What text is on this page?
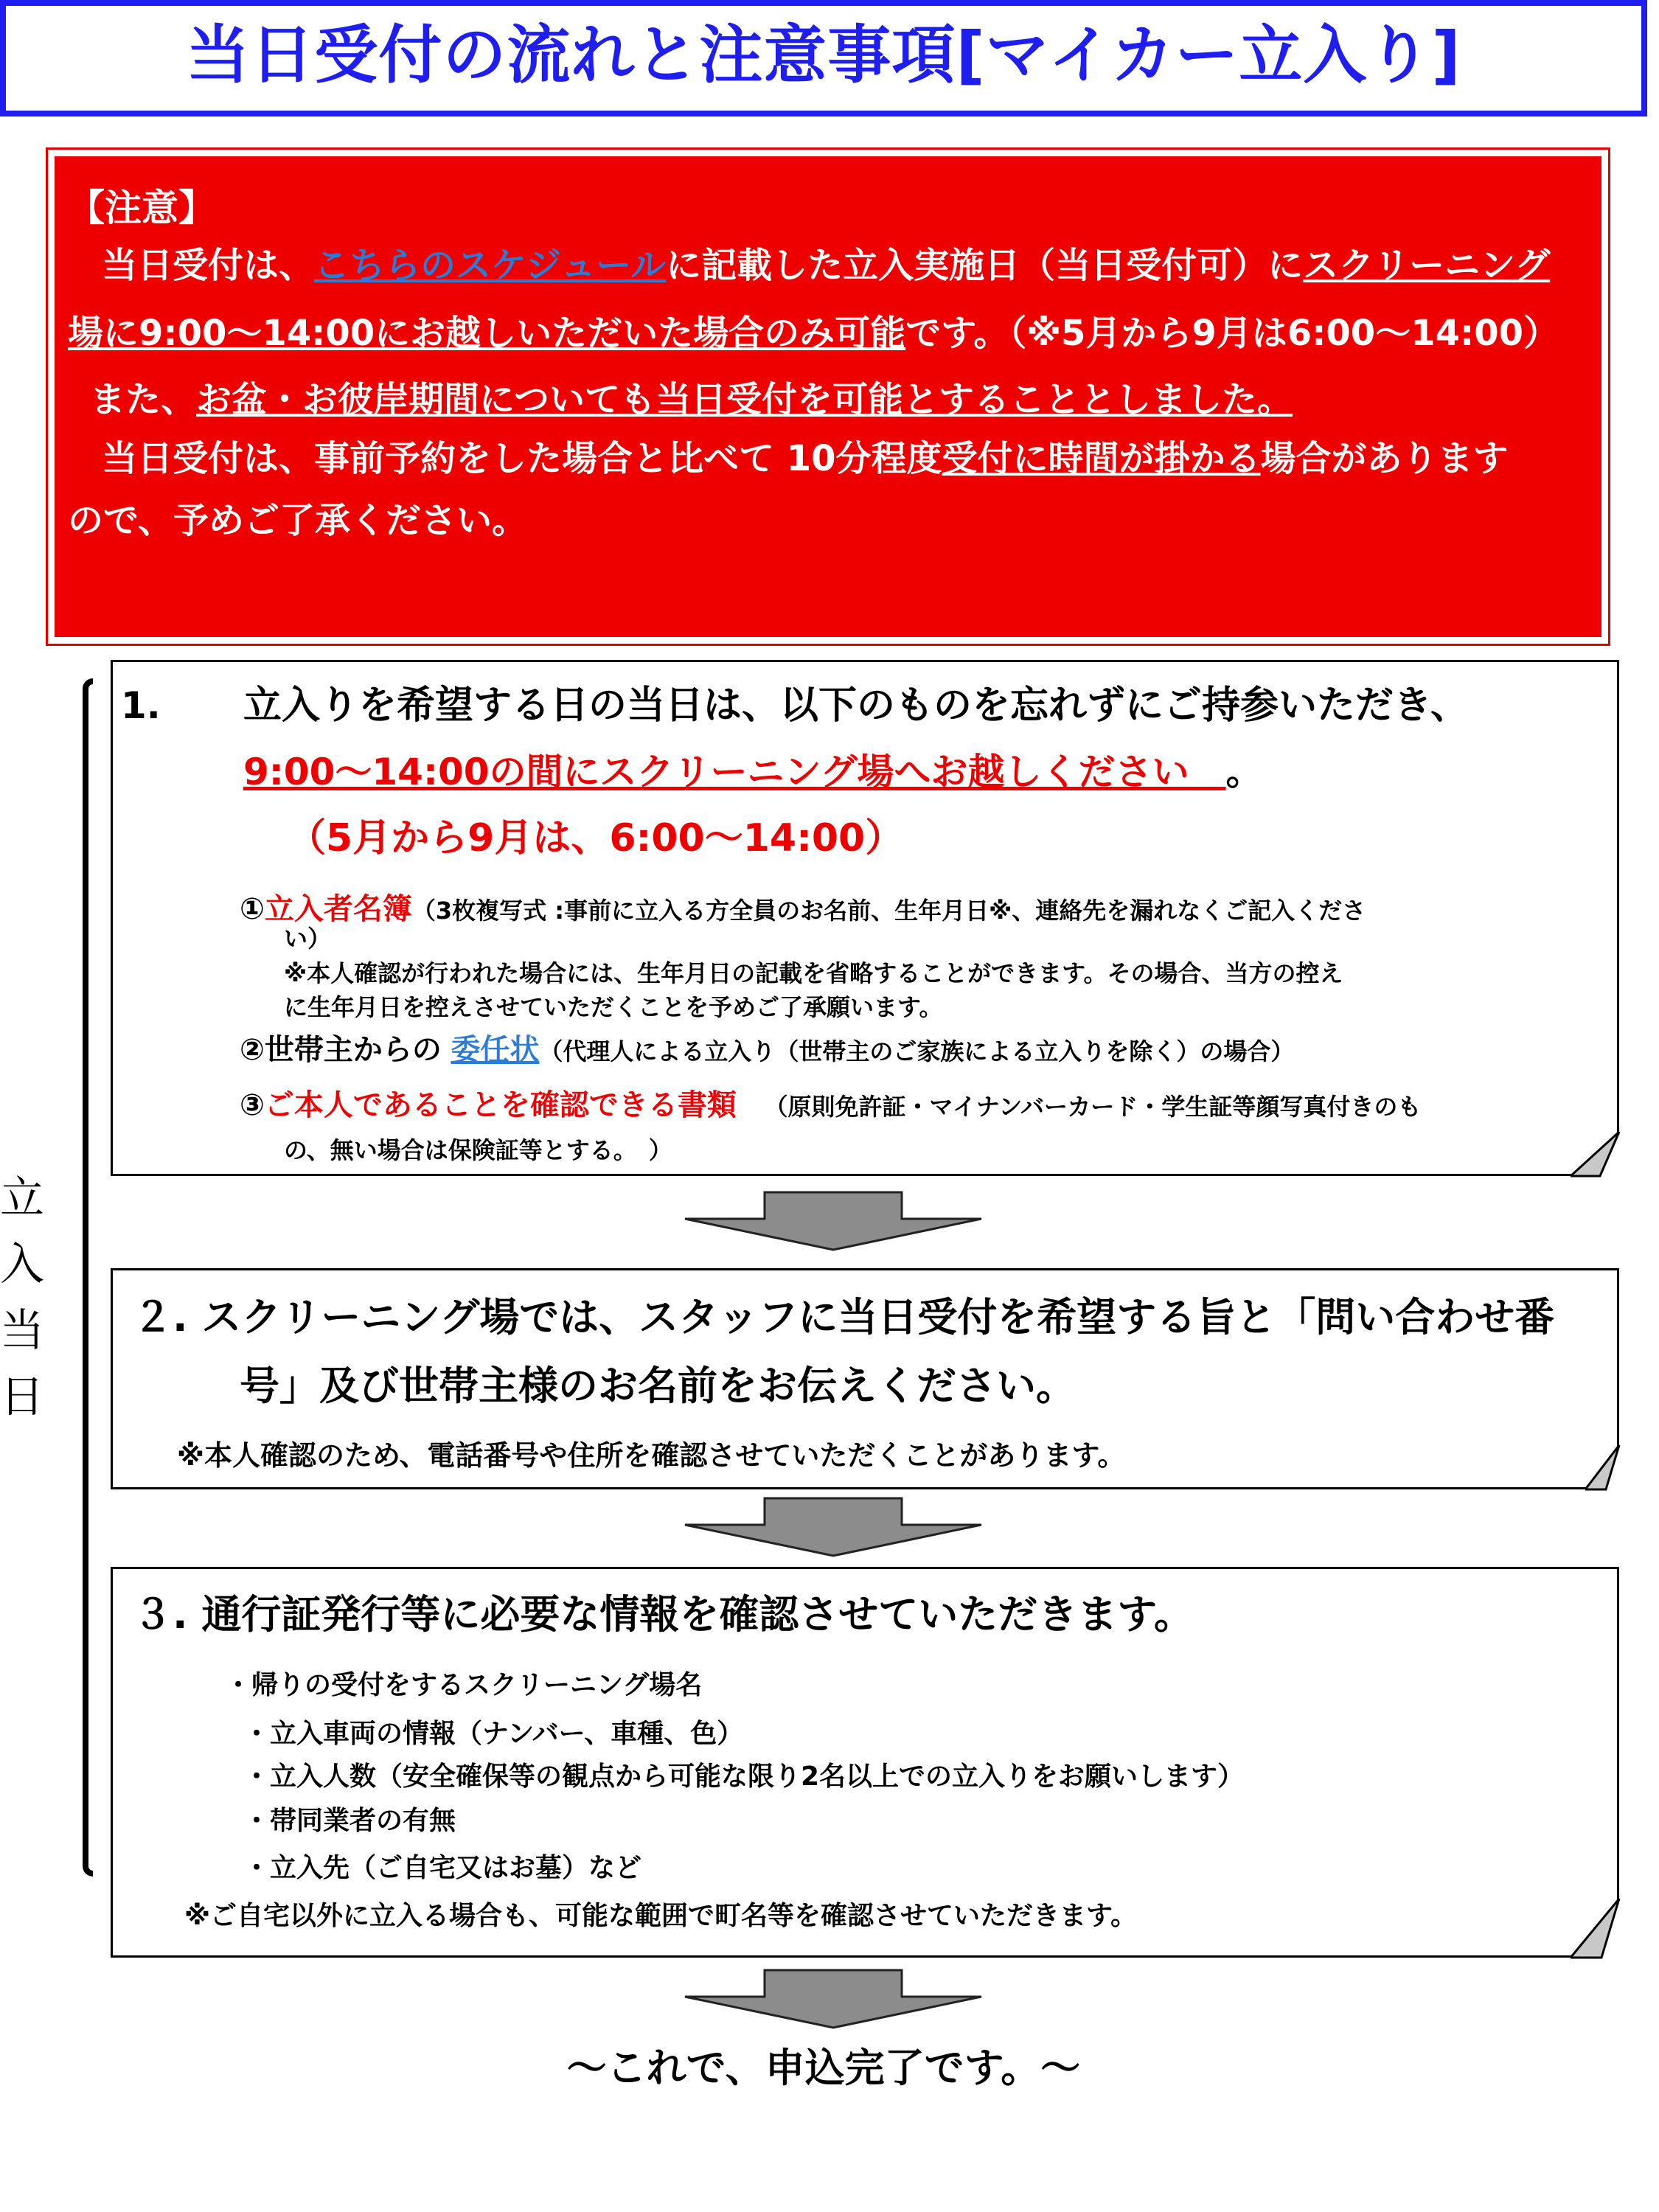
当日受付の流れと注意事項[マイカー立入り]
【注意】
当日受付は、こちらのスケジュールに記載した立入実施日（当日受付可）にスクリーニング
場に9:00～14:00にお越しいただいた場合のみ可能です。（※5月から9月は6:00～14:00）
また、お盆・お彼岸期間についても当日受付を可能とすることとしました。
当日受付は、事前予約をした場合と比べて 10分程度受付に時間が掛かる場合があります
ので、予めご了承ください。
立
入
当
日
1. 立入りを希望する日の当日は、以下のものを忘れずにご持参いただき、
9:00～14:00の間にスクリーニング場へお越しください　 。
（5月から9月は、6:00～14:00）
①立入者名簿（3枚複写式 :事前に立入る方全員のお名前、生年月日※、連絡先を漏れなくご記入くださ
い）
※本人確認が行われた場合には、生年月日の記載を省略することができます。その場合、当方の控え
に生年月日を控えさせていただくことを予めご了承願います。
②世帯主からの 委任状（代理人による立入り（世帯主のご家族による立入りを除く）の場合）
③ご本人であることを確認できる書類 （原則免許証・マイナンバーカード・学生証等顔写真付きのも
の、無い場合は保険証等とする。　）
２. スクリーニング場では、スタッフに当日受付を希望する旨と「問い合わせ番
号」及び世帯主様のお名前をお伝えください。
※本人確認のため、電話番号や住所を確認させていただくことがあります。
３. 通行証発行等に必要な情報を確認させていただきます。
・帰りの受付をするスクリーニング場名
・立入車両の情報（ナンバー、車種、色）
・立入人数（安全確保等の観点から可能な限り2名以上での立入りをお願いします）
・帯同業者の有無
・立入先（ご自宅又はお墓）など
※ご自宅以外に立入る場合も、可能な範囲で町名等を確認させていただきます。
～これで、申込完了です。～
